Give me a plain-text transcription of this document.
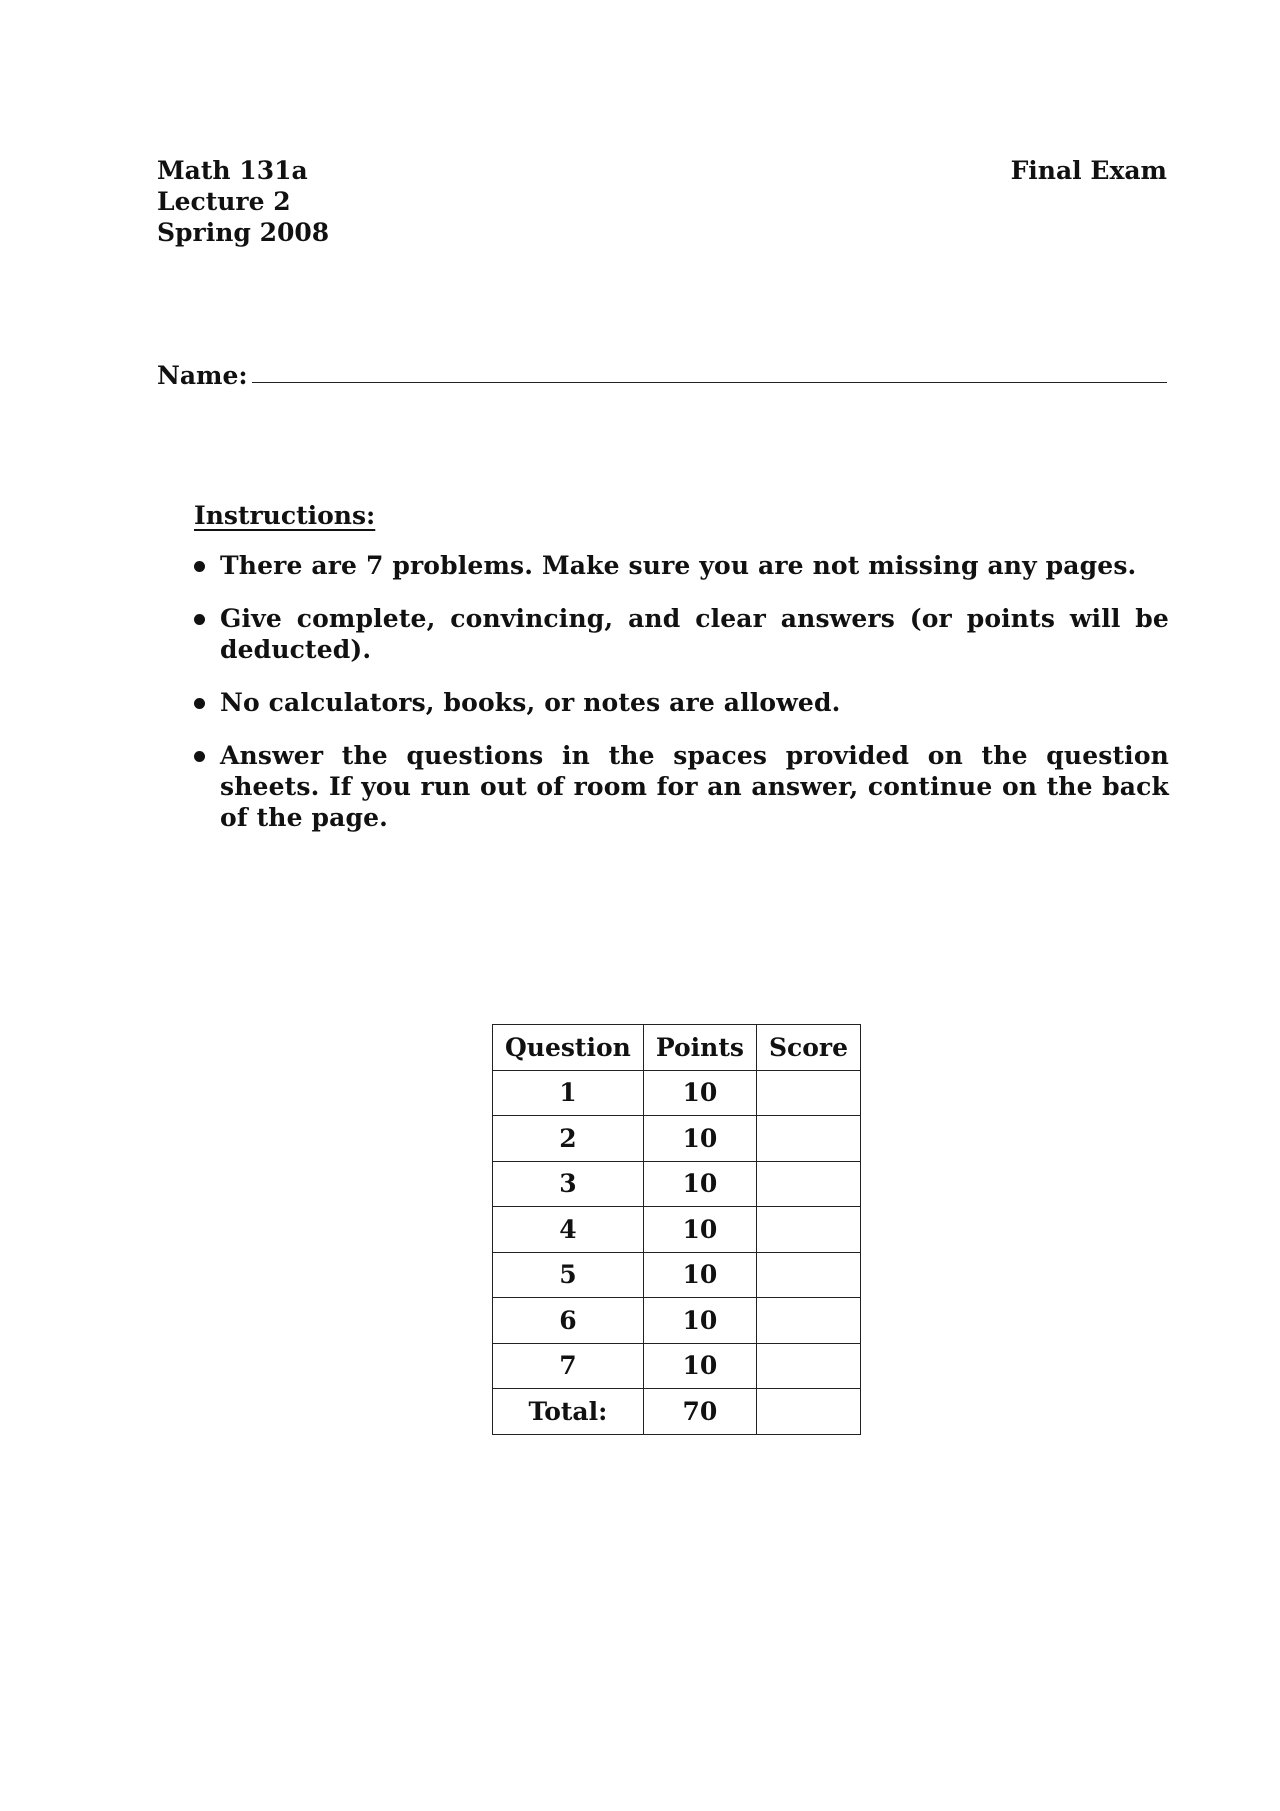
Math 131a
Lecture 2
Spring 2008
Final Exam
Name:
Instructions:
There are 7 problems. Make sure you are not missing any pages.
Give complete, convincing, and clear answers (or points will be deducted).
No calculators, books, or notes are allowed.
Answer the questions in the spaces provided on the question sheets. If you run out of room for an answer, continue on the back of the page.
Question	Points	Score
1	10	
2	10	
3	10	
4	10	
5	10	
6	10	
7	10	
Total:	70	
